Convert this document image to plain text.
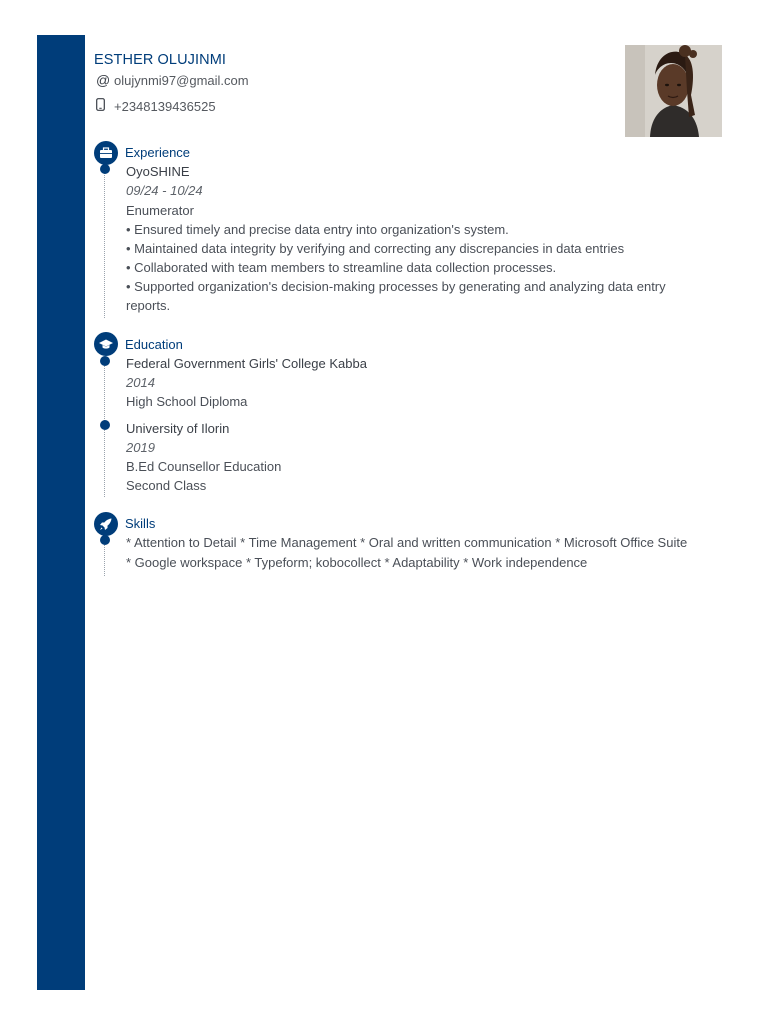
ESTHER OLUJINMI
@ olujynmi97@gmail.com
+2348139436525
Experience
OyoSHINE
09/24 - 10/24
Enumerator
• Ensured timely and precise data entry into organization's system.
• Maintained data integrity by verifying and correcting any discrepancies in data entries
• Collaborated with team members to streamline data collection processes.
• Supported organization's decision-making processes by generating and analyzing data entry
reports.
Education
Federal Government Girls' College Kabba
2014
High School Diploma
University of Ilorin
2019
B.Ed Counsellor Education
Second Class
Skills
* Attention to Detail * Time Management * Oral and written communication * Microsoft Office Suite
* Google workspace * Typeform; kobocollect * Adaptability * Work independence
